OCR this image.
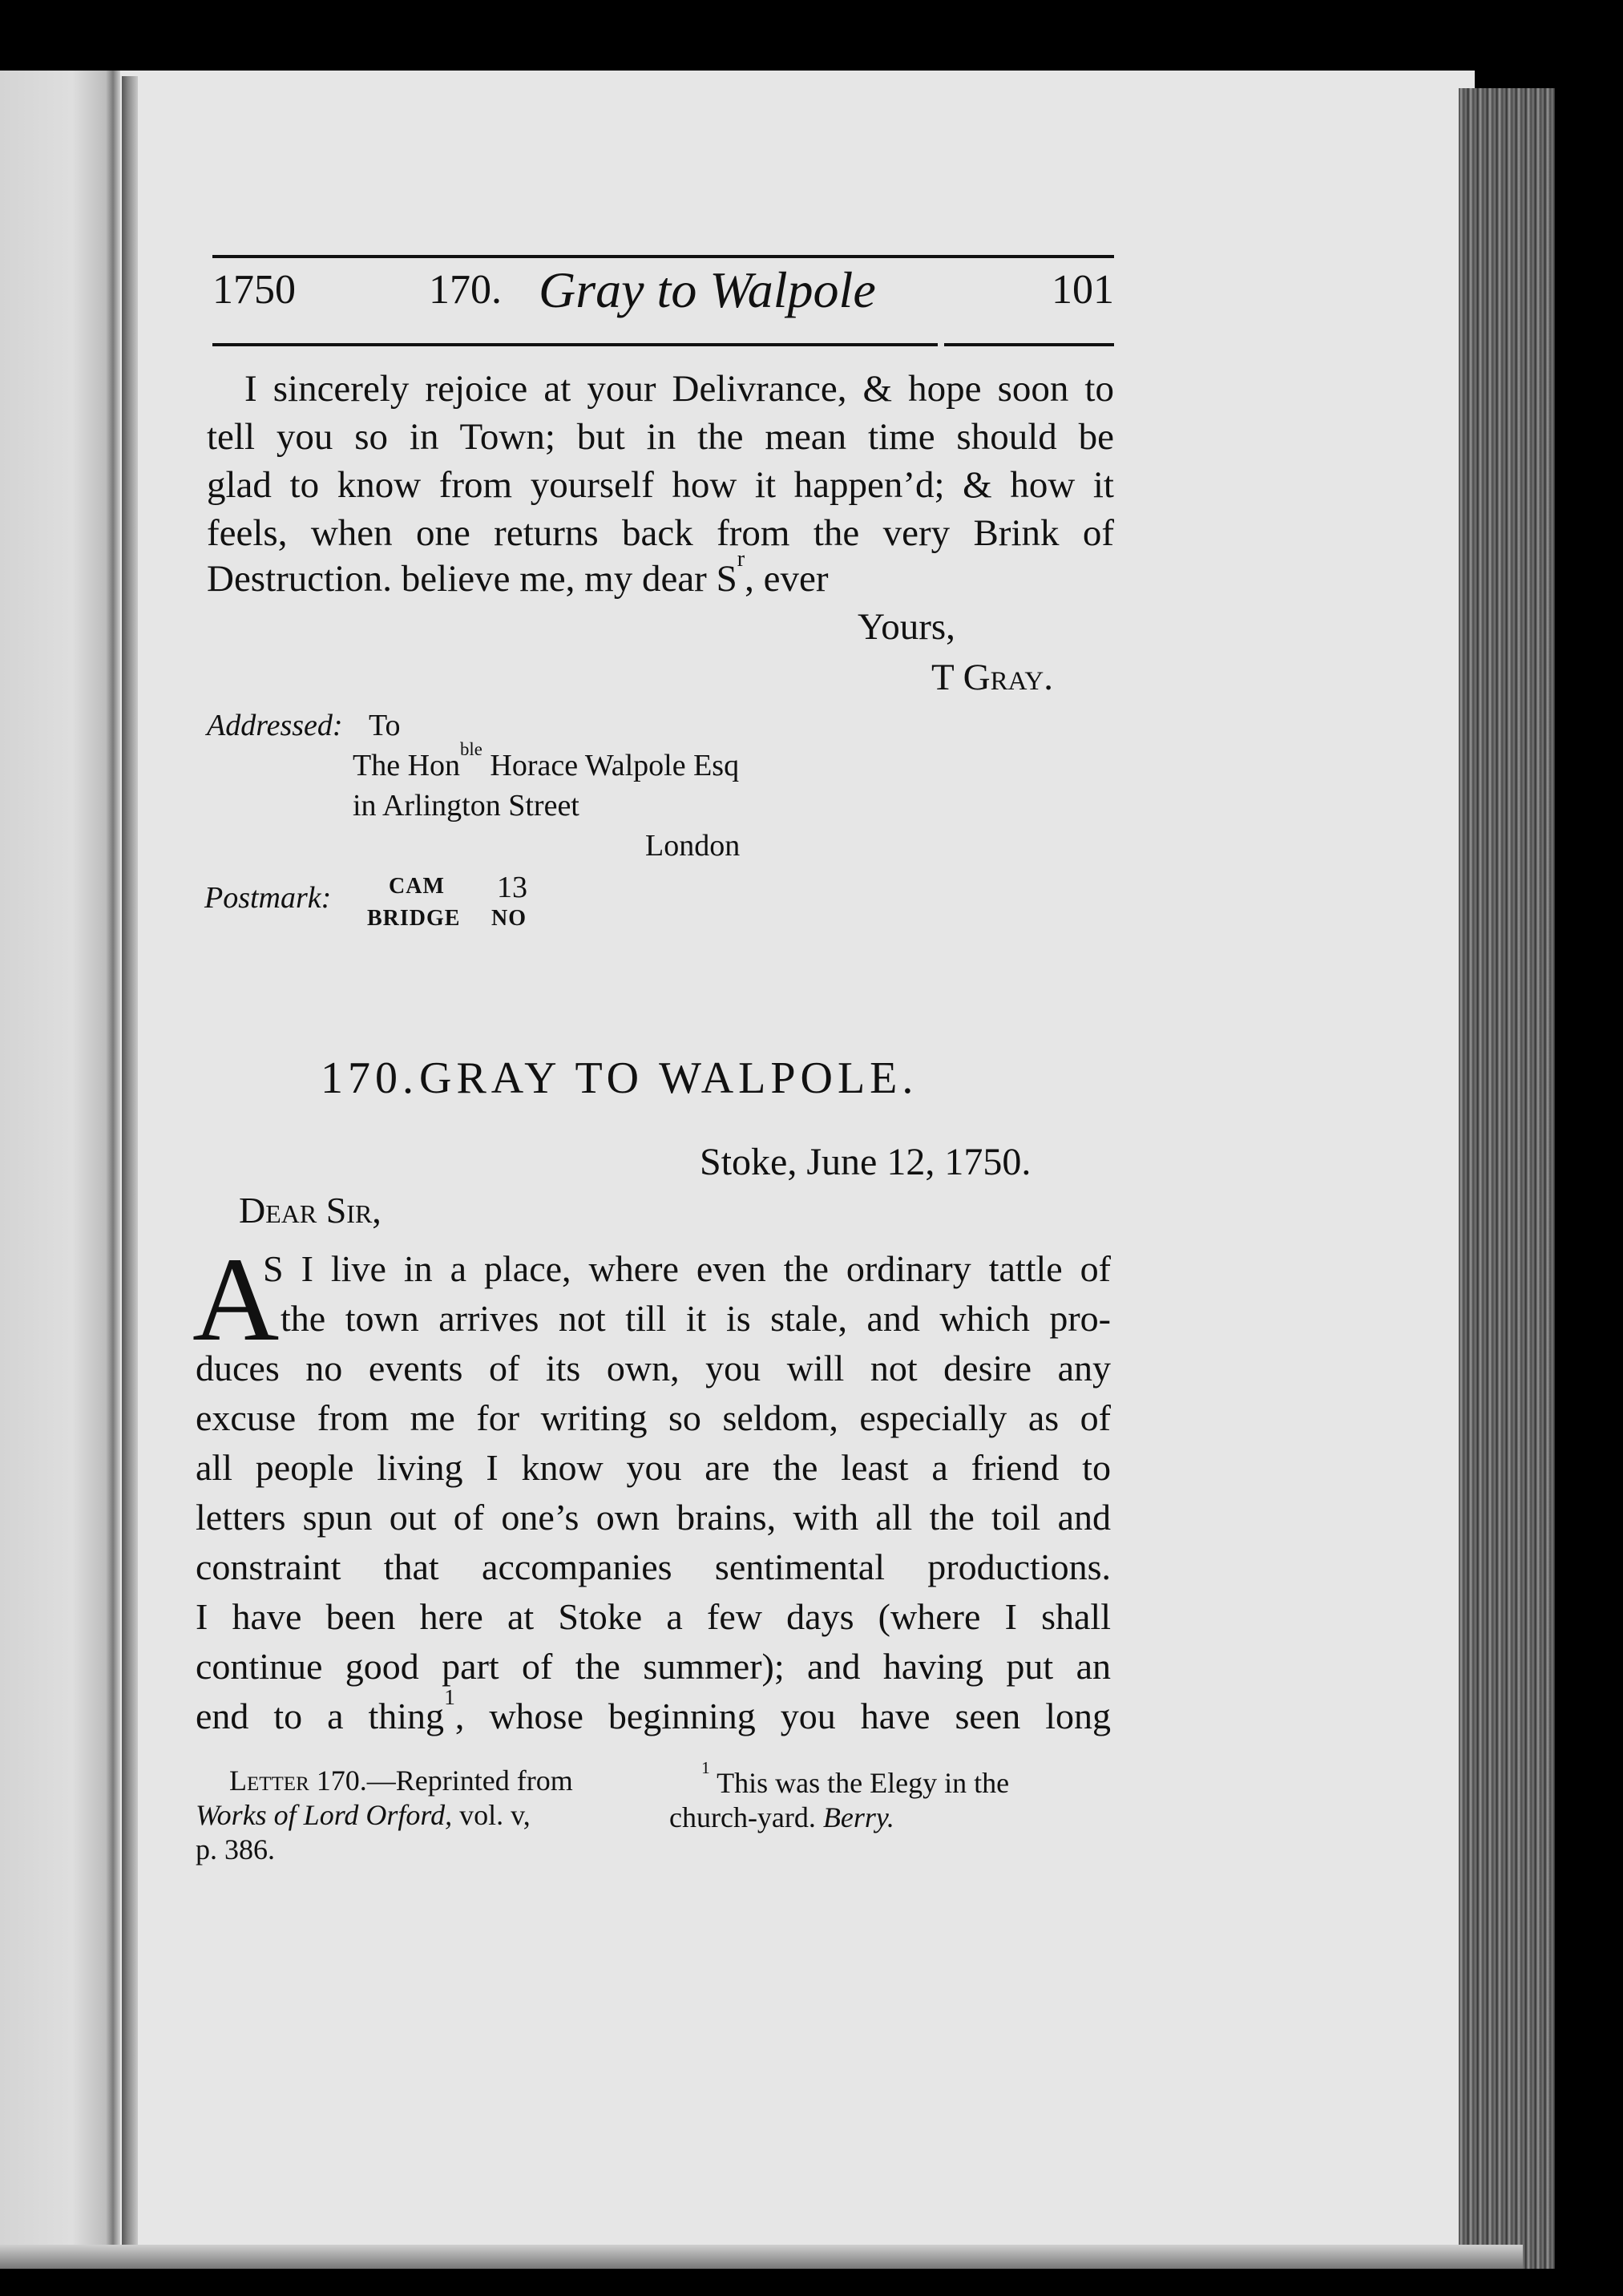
1750	170. Gray to Walpole	101
I sincerely rejoice at your Delivrance, & hope soon to
tell you so in Town; but in the mean time should be
glad to know from yourself how it happen’d; & how it
feels, when one returns back from the very Brink of
Destruction. believe me, my dear $S^r$, ever
Yours,
T Gray.
Addressed: To
The Hon$^{ble}$ Horace Walpole Esq
in Arlington Street
London
Postmark:	CAM 13
BRIDGE NO
170. GRAY TO WALPOLE.
Stoke, June 12, 1750.
Dear Sir,
A
S I live in a place, where even the ordinary tattle of
the town arrives not till it is stale, and which pro-
duces no events of its own, you will not desire any
excuse from me for writing so seldom, especially as of
all people living I know you are the least a friend to
letters spun out of one’s own brains, with all the toil and
constraint that accompanies sentimental productions.
I have been here at Stoke a few days (where I shall
continue good part of the summer); and having put an
end to a thing$^1$, whose beginning you have seen long
Letter 170.—Reprinted from
Works of Lord Orford, vol. v,
p. 386.
$^1$ This was the Elegy in the
church-yard. Berry.
